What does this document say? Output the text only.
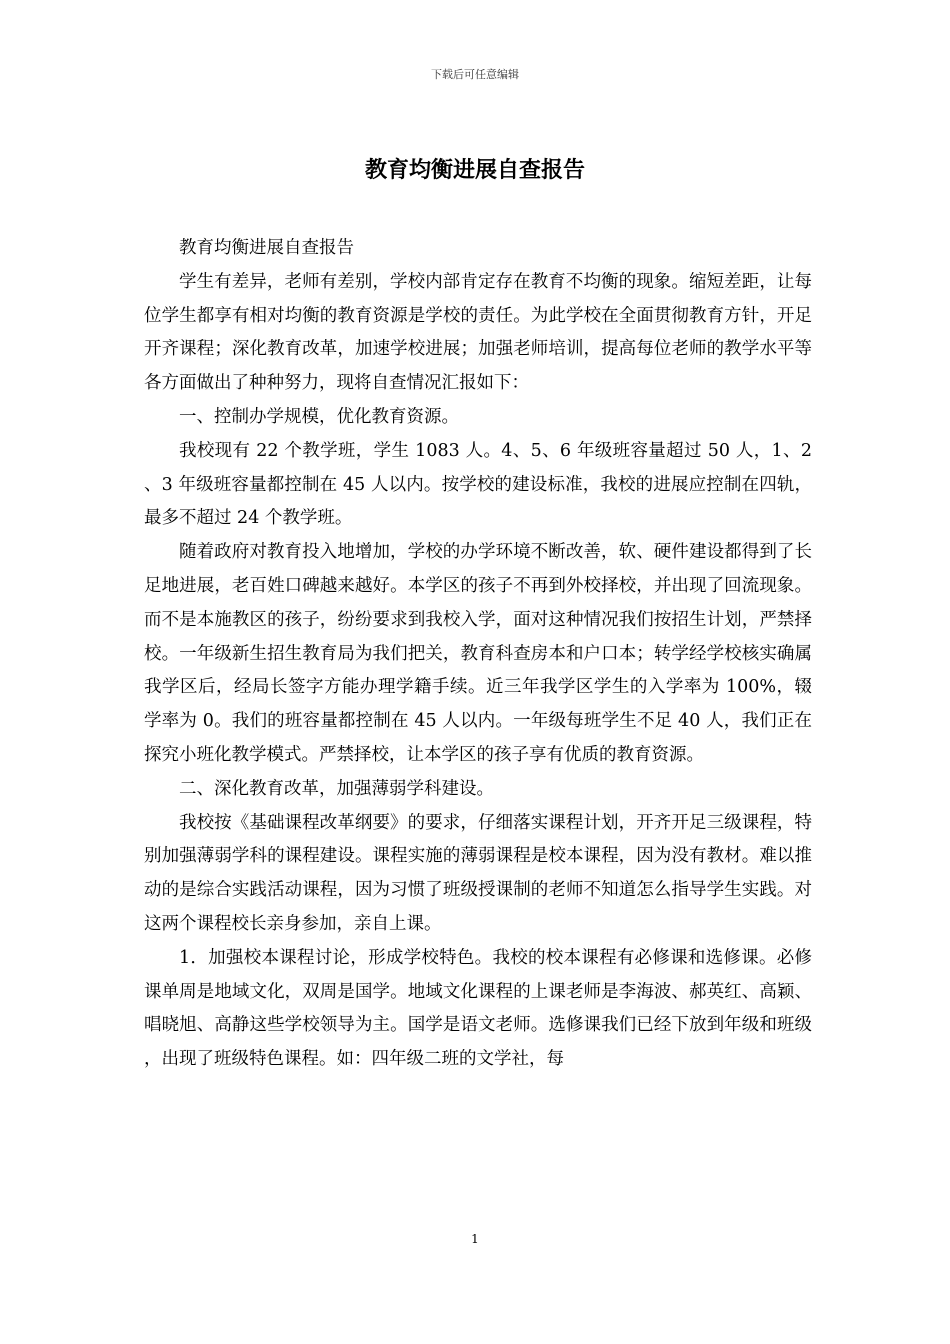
下载后可任意编辑
教育均衡进展自查报告

教育均衡进展自查报告

学生有差异，老师有差别，学校内部肯定存在教育不均衡的现象。缩短差距，让每位学生都享有相对均衡的教育资源是学校的责任。为此学校在全面贯彻教育方针，开足开齐课程；深化教育改革，加速学校进展；加强老师培训，提高每位老师的教学水平等各方面做出了种种努力，现将自查情况汇报如下：

一、控制办学规模，优化教育资源。

我校现有 22 个教学班，学生 1083 人。4、5、6 年级班容量超过 50 人，1、2、3 年级班容量都控制在 45 人以内。按学校的建设标准，我校的进展应控制在四轨，最多不超过 24 个教学班。

随着政府对教育投入地增加，学校的办学环境不断改善，软、硬件建设都得到了长足地进展，老百姓口碑越来越好。本学区的孩子不再到外校择校，并出现了回流现象。而不是本施教区的孩子，纷纷要求到我校入学，面对这种情况我们按招生计划，严禁择校。一年级新生招生教育局为我们把关，教育科查房本和户口本；转学经学校核实确属我学区后，经局长签字方能办理学籍手续。近三年我学区学生的入学率为 100%，辍学率为 0。我们的班容量都控制在 45 人以内。一年级每班学生不足 40 人，我们正在探究小班化教学模式。严禁择校，让本学区的孩子享有优质的教育资源。

二、深化教育改革，加强薄弱学科建设。

我校按《基础课程改革纲要》的要求，仔细落实课程计划，开齐开足三级课程，特别加强薄弱学科的课程建设。课程实施的薄弱课程是校本课程，因为没有教材。难以推动的是综合实践活动课程，因为习惯了班级授课制的老师不知道怎么指导学生实践。对这两个课程校长亲身参加，亲自上课。

1．加强校本课程讨论，形成学校特色。我校的校本课程有必修课和选修课。必修课单周是地域文化，双周是国学。地域文化课程的上课老师是李海波、郝英红、高颖、唱晓旭、高静这些学校领导为主。国学是语文老师。选修课我们已经下放到年级和班级，出现了班级特色课程。如：四年级二班的文学社，每

1
